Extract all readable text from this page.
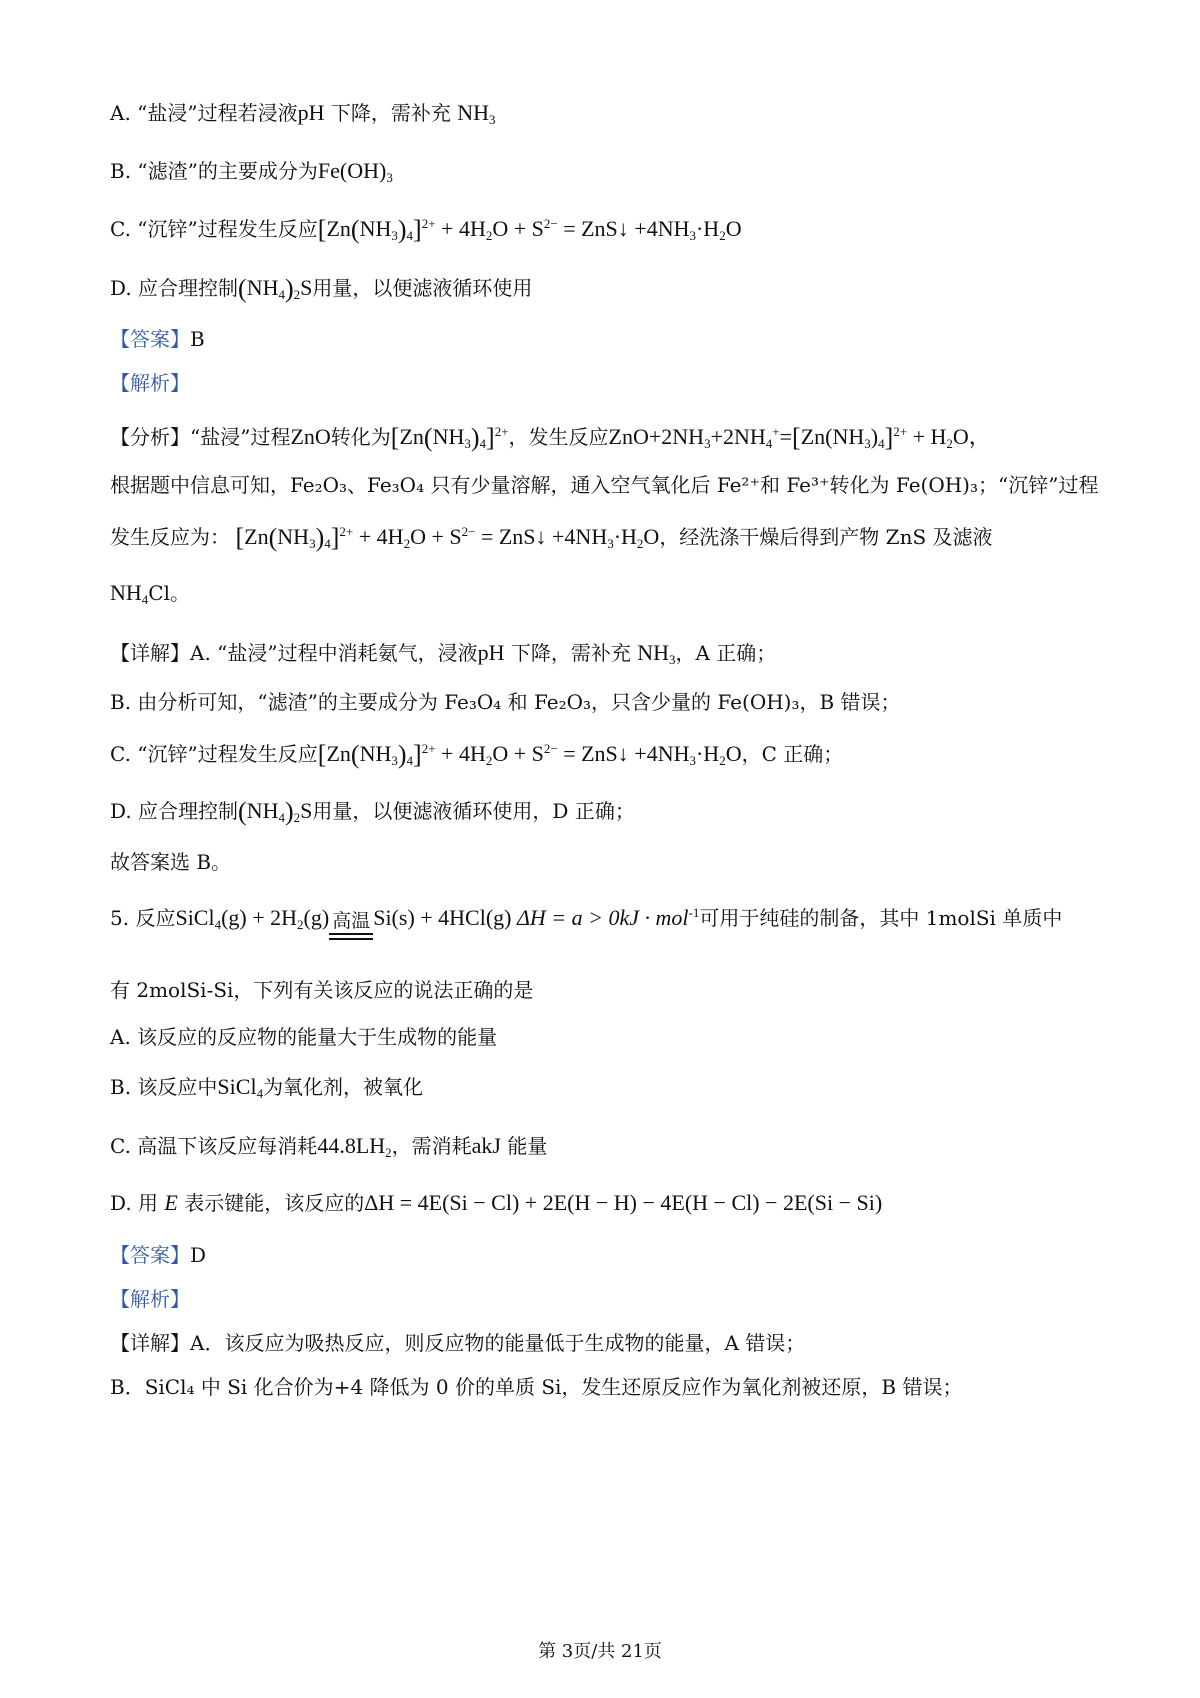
A. “盐浸”过程若浸液pH 下降，需补充 $NH_3$
B. “滤渣”的主要成分为$Fe(OH)_3$
C. “沉锌”过程发生反应$[Zn(NH_3)_4]^{2+} + 4H_2O + S^{2-}$ = ZnS↓ $+4NH_3\cdot H_2O$
D. 应合理控制$(NH_4)_2S$用量，以便滤液循环使用
【答案】B
【解析】
【分析】“盐浸”过程ZnO转化为$[Zn(NH_3)_4]^{2+}$，发生反应$ZnO+2NH_3+2NH_4^+=[Zn(NH_3)_4]^{2+} + H_2O$，
根据题中信息可知，Fe₂O₃、Fe₃O₄ 只有少量溶解，通入空气氧化后 Fe²⁺和 Fe³⁺转化为 Fe(OH)₃；“沉锌”过程
发生反应为： $[Zn(NH_3)_4]^{2+} + 4H_2O + S^{2-}$ = ZnS↓ $+4NH_3\cdot H_2O$，经洗涤干燥后得到产物 ZnS 及滤液
$NH_4Cl$。
【详解】A. “盐浸”过程中消耗氨气，浸液pH 下降，需补充 $NH_3$，A 正确；
B. 由分析可知，“滤渣”的主要成分为 Fe₃O₄ 和 Fe₂O₃，只含少量的 Fe(OH)₃，B 错误；
C. “沉锌”过程发生反应$[Zn(NH_3)_4]^{2+} + 4H_2O + S^{2-}$ = ZnS↓ $+4NH_3\cdot H_2O$，C 正确；
D. 应合理控制$(NH_4)_2S$用量，以便滤液循环使用，D 正确；
故答案选 B。
5. 反应SiCl$_4$(g) + $2H_2(g)$ 高温 Si(s) + 4HCl(g) ΔH = a > 0kJ · mol$^{-1}$可用于纯硅的制备，其中 1molSi 单质中
有 2molSi-Si，下列有关该反应的说法正确的是
A. 该反应的反应物的能量大于生成物的能量
B. 该反应中SiCl$_4$为氧化剂，被氧化
C. 高温下该反应每消耗$44.8LH_2$，需消耗akJ 能量
D. 用 E 表示键能，该反应的ΔH = 4E(Si − Cl) + 2E(H − H) − 4E(H − Cl) − 2E(Si − Si)
【答案】D
【解析】
【详解】A．该反应为吸热反应，则反应物的能量低于生成物的能量，A 错误；
B．SiCl₄ 中 Si 化合价为+4 降低为 0 价的单质 Si，发生还原反应作为氧化剂被还原，B 错误；
第 3页/共 21页
